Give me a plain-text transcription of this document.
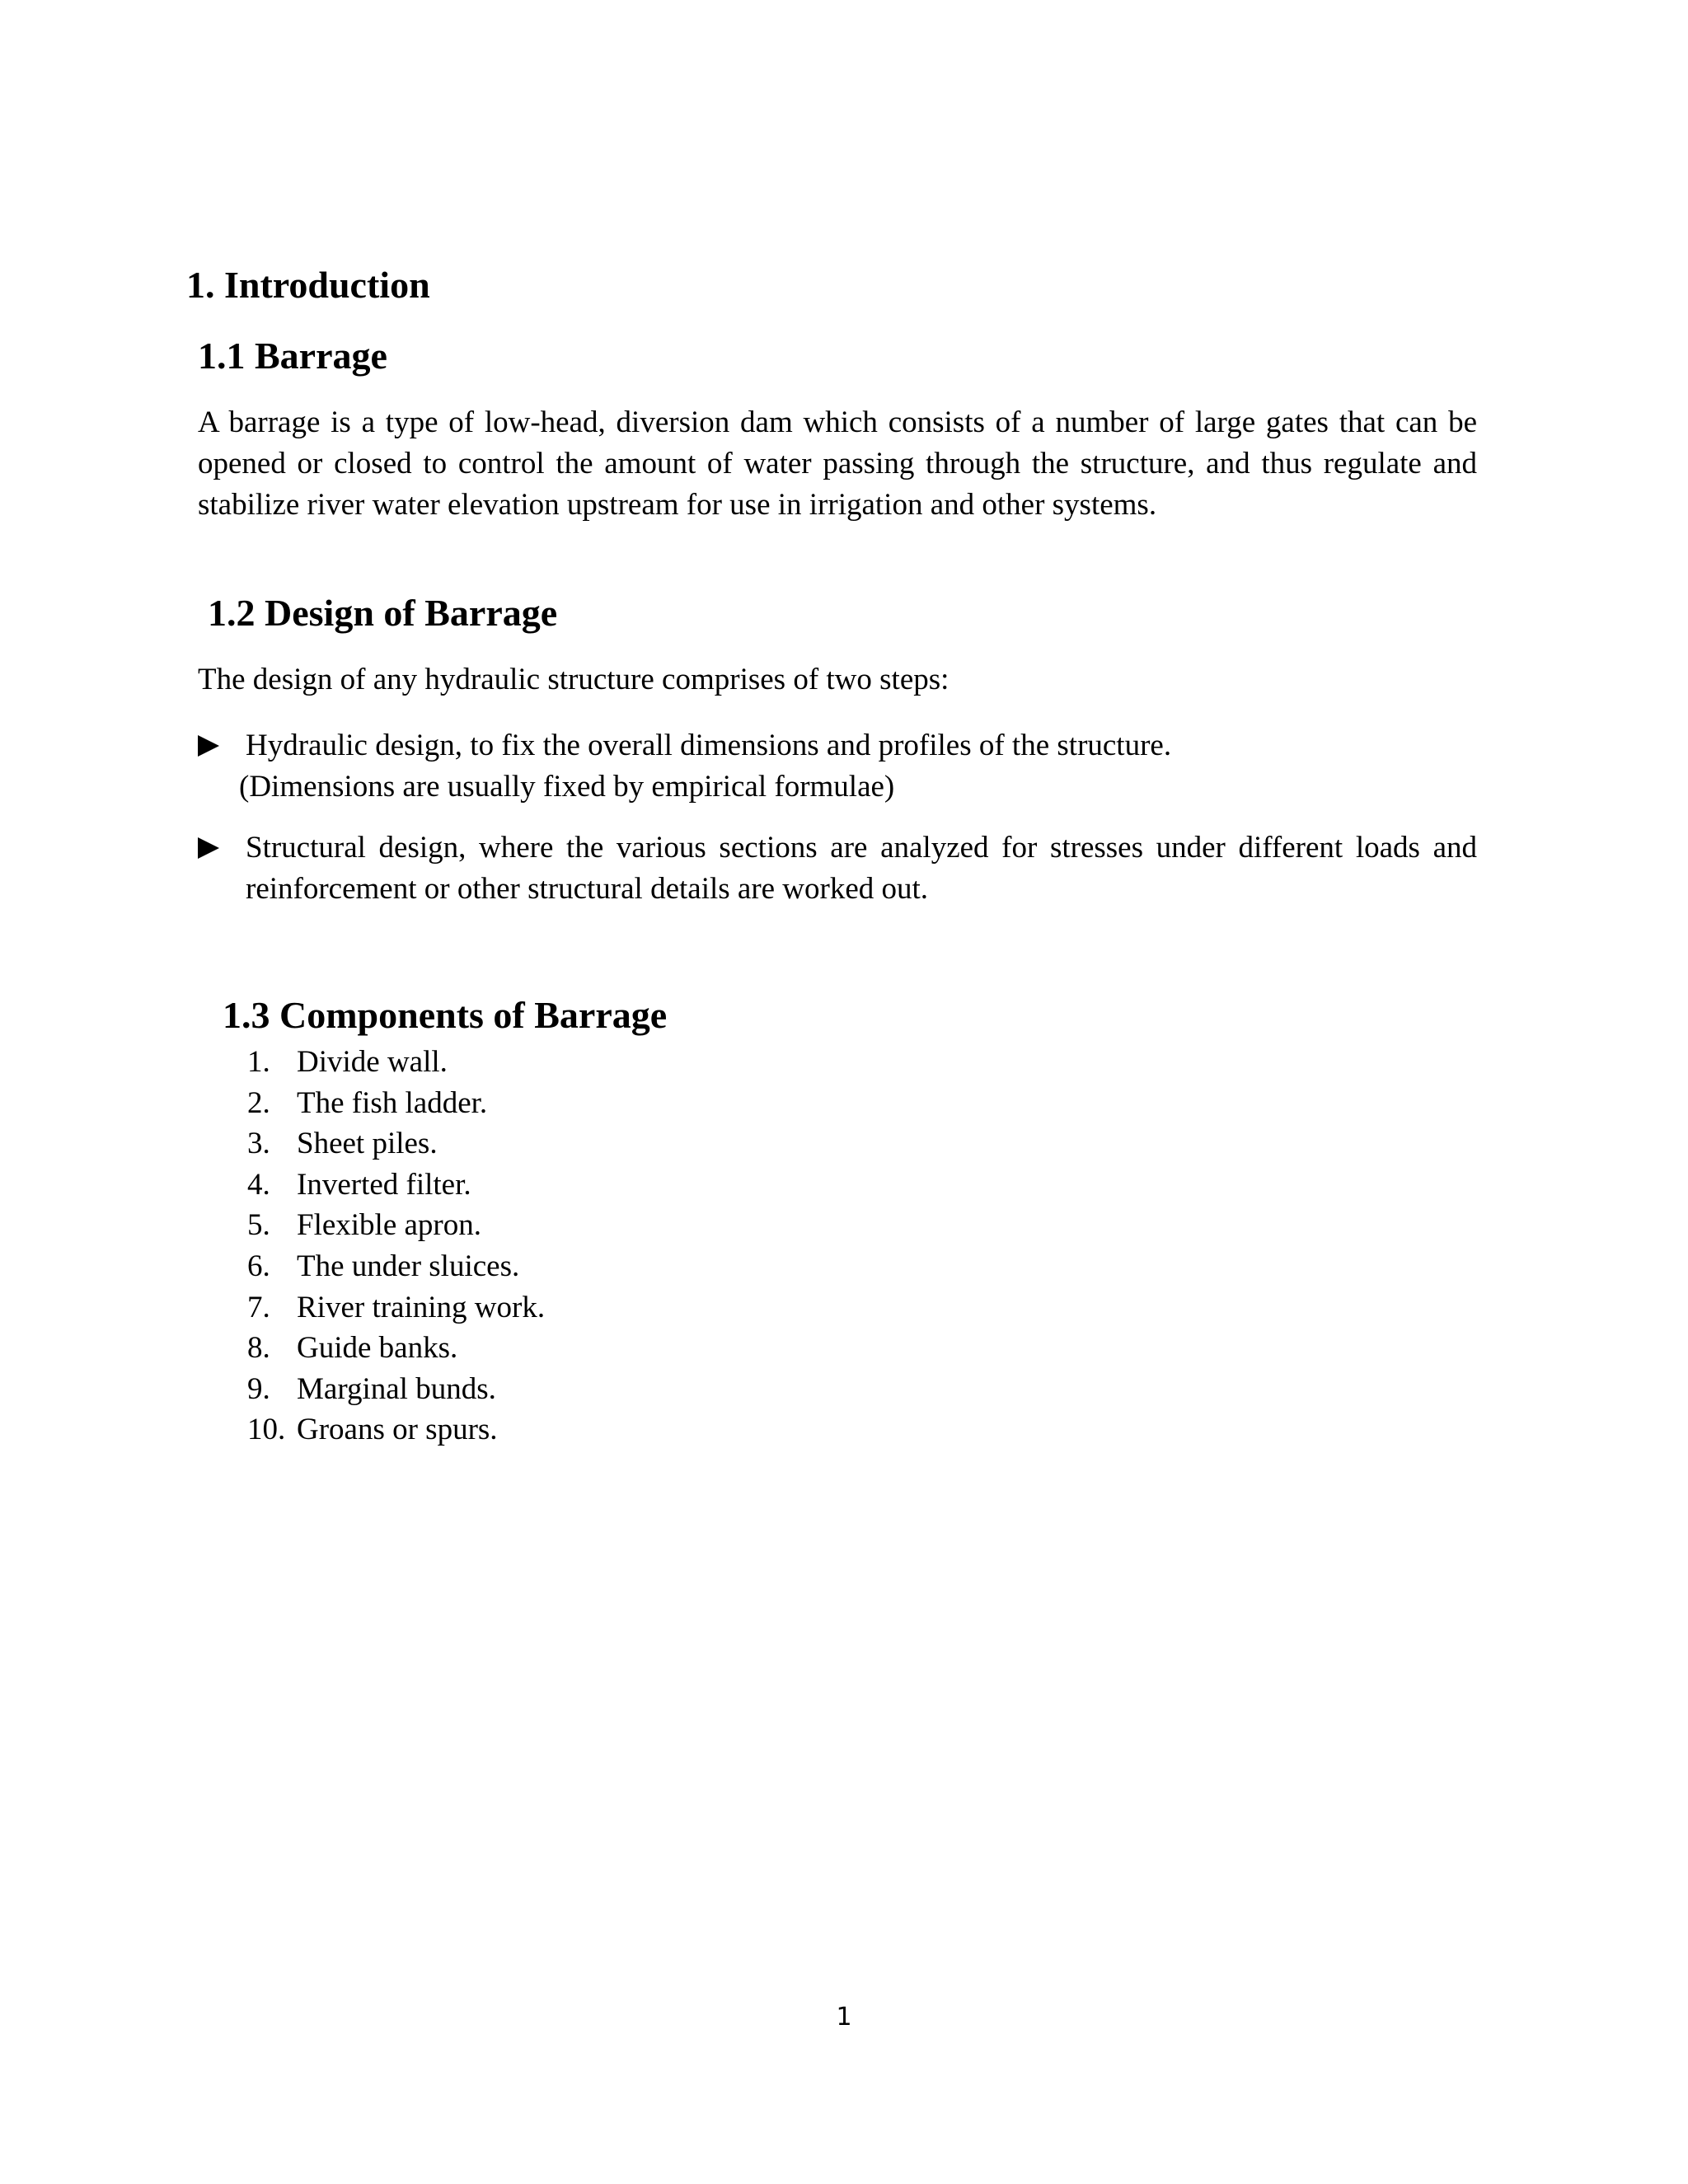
1. Introduction
1.1 Barrage
A barrage is a type of low-head, diversion dam which consists of a number of large gates that can be opened or closed to control the amount of water passing through the structure, and thus regulate and stabilize river water elevation upstream for use in irrigation and other systems.
1.2 Design of Barrage
The design of any hydraulic structure comprises of two steps:
Hydraulic design, to fix the overall dimensions and profiles of the structure.
(Dimensions are usually fixed by empirical formulae)
Structural design, where the various sections are analyzed for stresses under different loads and reinforcement or other structural details are worked out.
1.3 Components of Barrage
1. Divide wall.
2. The fish ladder.
3. Sheet piles.
4. Inverted filter.
5. Flexible apron.
6. The under sluices.
7. River training work.
8. Guide banks.
9. Marginal bunds.
10. Groans or spurs.
1
